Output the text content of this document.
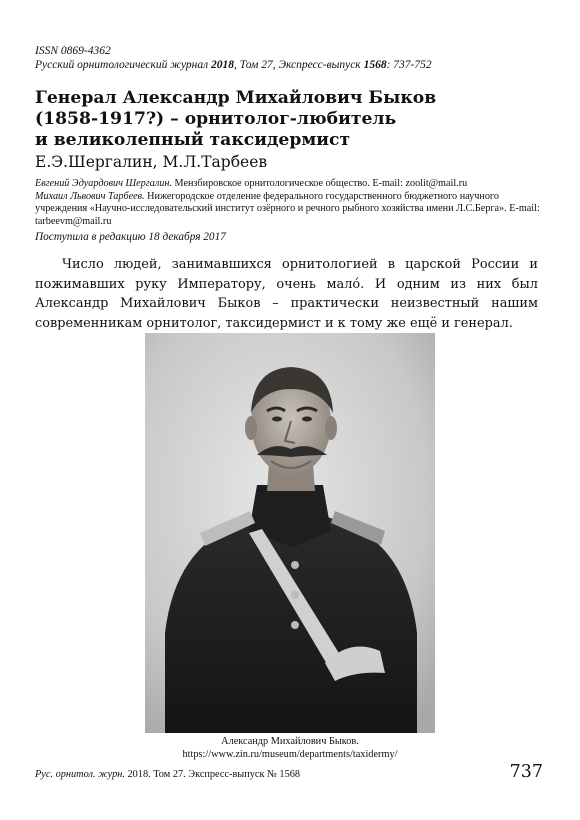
ISSN 0869-4362
Русский орнитологический журнал 2018, Том 27, Экспресс-выпуск 1568: 737-752
Генерал Александр Михайлович Быков
(1858-1917?) – орнитолог-любитель
и великолепный таксидермист
Е.Э.Шергалин, М.Л.Тарбеев

Евгений Эдуардович Шергалин. Мензбировское орнитологическое общество. E-mail: zoolit@mail.ru

Михаил Львович Тарбеев. Нижегородское отделение федерального государственного бюджетного научного учреждения «Научно-исследовательский институт озёрного и речного рыбного хозяйства имени Л.С.Берга». E-mail: tarbeevm@mail.ru

Поступила в редакцию 18 декабря 2017

Число людей, занимавшихся орнитологией в царской России и пожимавших руку Императору, очень мало́. И одним из них был Александр Михайлович Быков – практически неизвестный нашим современникам орнитолог, таксидермист и к тому же ещё и генерал.

Александр Михайлович Быков.
https://www.zin.ru/museum/departments/taxidermy/
Рус. орнитол. журн. 2018. Том 27. Экспресс-выпуск № 1568	737
